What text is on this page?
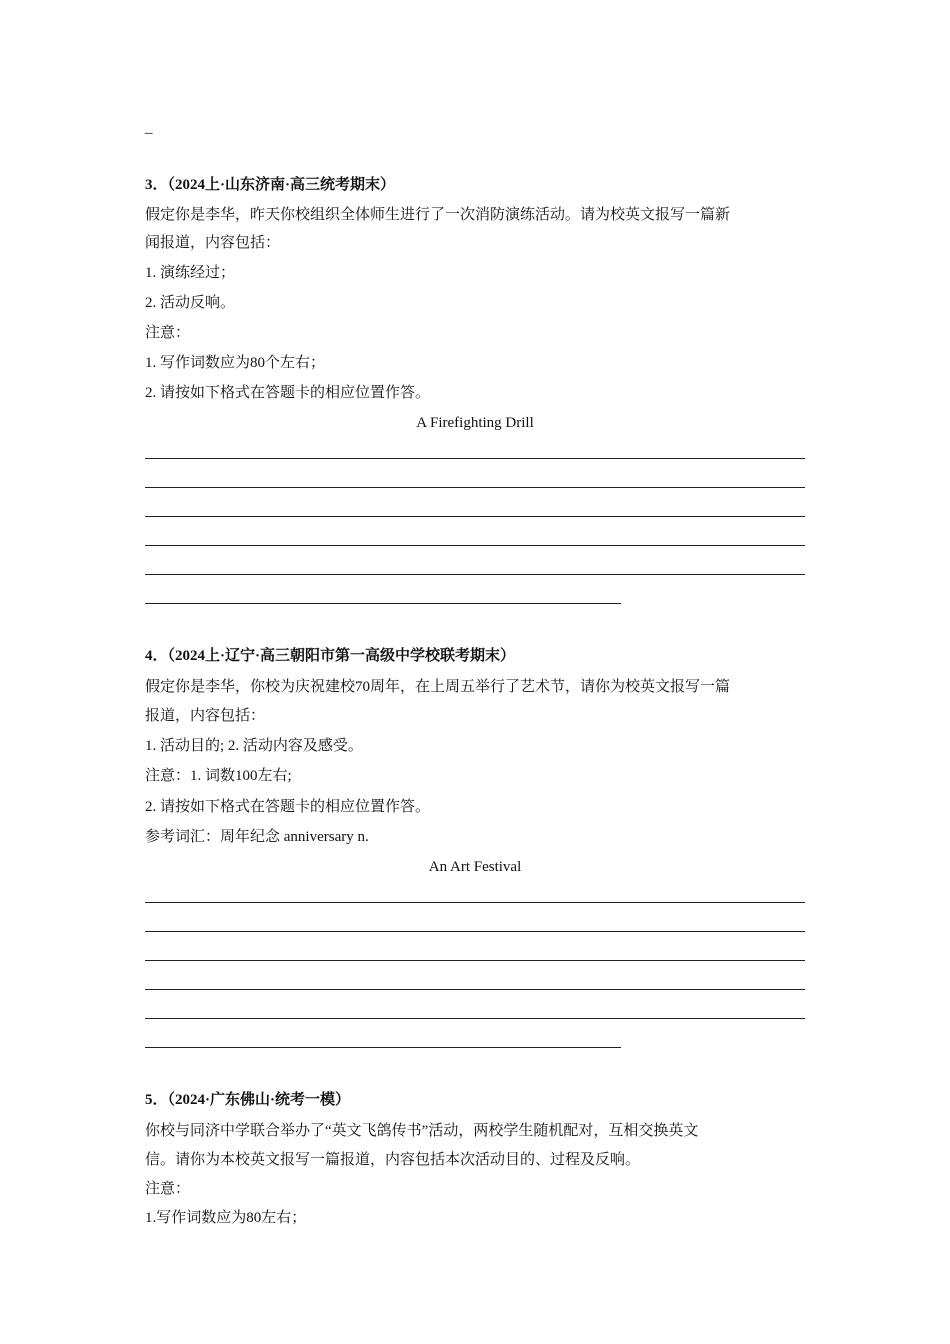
_
3．（2024上·山东济南·高三统考期末）
假定你是李华，昨天你校组织全体师生进行了一次消防演练活动。请为校英文报写一篇新
闻报道，内容包括：
1. 演练经过；
2. 活动反响。
注意：
1. 写作词数应为80个左右；
2. 请按如下格式在答题卡的相应位置作答。
A Firefighting Drill
4．（2024上·辽宁·高三朝阳市第一高级中学校联考期末）
假定你是李华，你校为庆祝建校70周年，在上周五举行了艺术节，请你为校英文报写一篇
报道，内容包括：
1. 活动目的; 2. 活动内容及感受。
注意：1. 词数100左右;
2. 请按如下格式在答题卡的相应位置作答。
参考词汇：周年纪念 anniversary n.
An Art Festival
5．（2024·广东佛山·统考一模）
你校与同济中学联合举办了“英文飞鸽传书”活动，两校学生随机配对，互相交换英文
信。请你为本校英文报写一篇报道，内容包括本次活动目的、过程及反响。
注意：
1.写作词数应为80左右；
